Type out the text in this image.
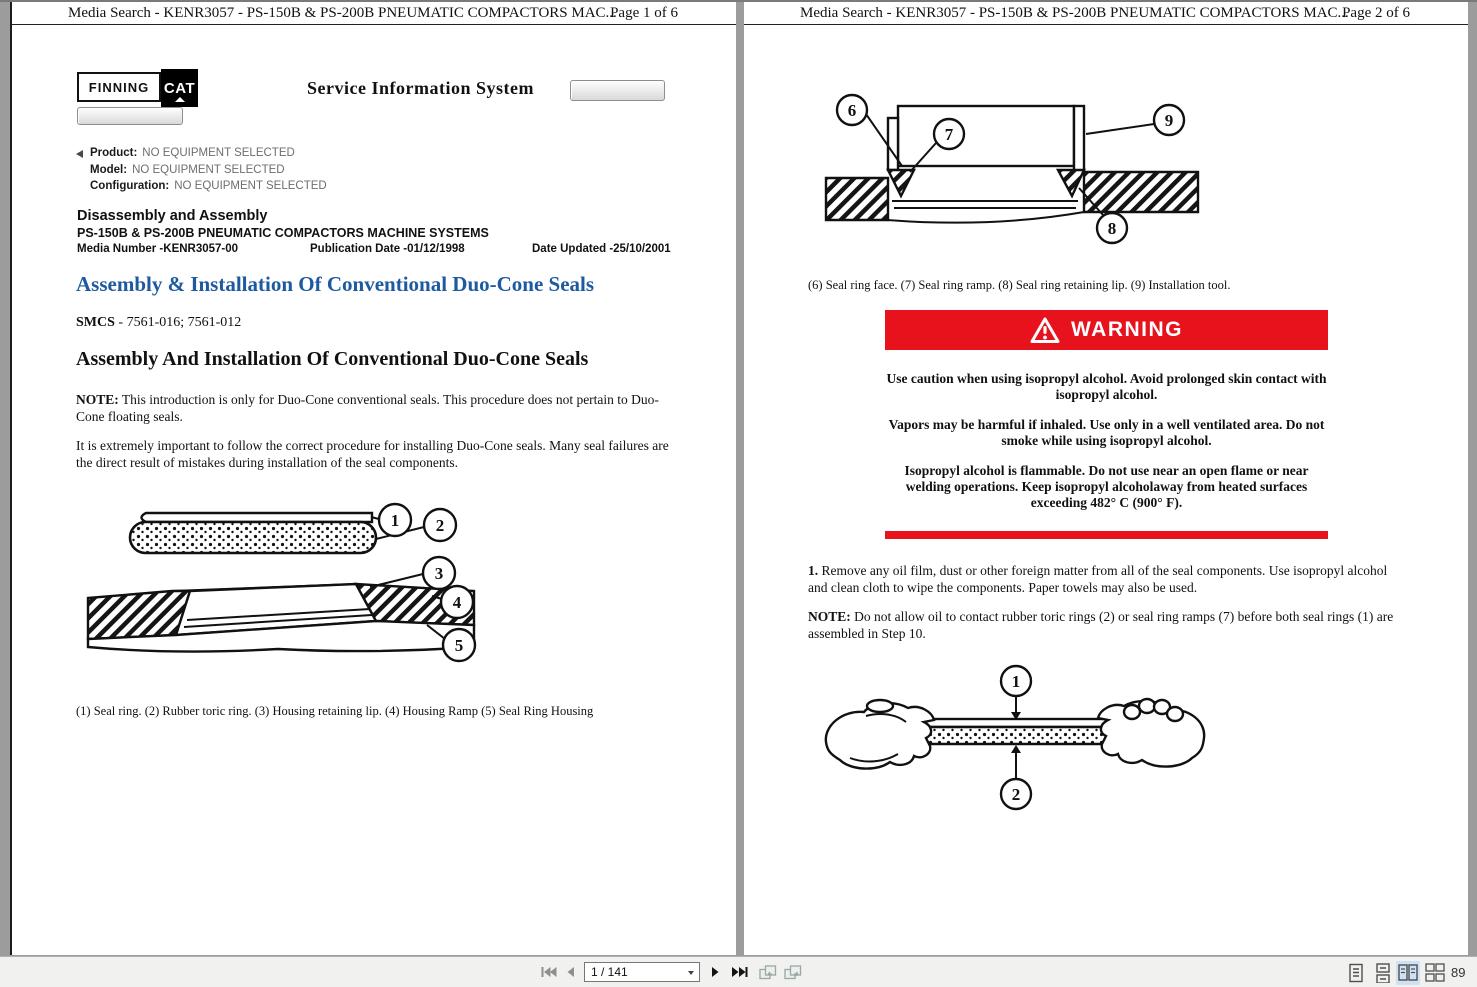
Media Search - KENR3057 - PS-150B & PS-200B PNEUMATIC COMPACTORS MAC...
Page 1 of 6
FINNING CAT	Service Information System
Product: NO EQUIPMENT SELECTED
Model: NO EQUIPMENT SELECTED
Configuration: NO EQUIPMENT SELECTED
Disassembly and Assembly
PS-150B & PS-200B PNEUMATIC COMPACTORS MACHINE SYSTEMS
Media Number -KENR3057-00	Publication Date -01/12/1998	Date Updated -25/10/2001
Assembly & Installation Of Conventional Duo-Cone Seals
SMCS - 7561-016; 7561-012
Assembly And Installation Of Conventional Duo-Cone Seals

NOTE: This introduction is only for Duo-Cone conventional seals. This procedure does not pertain to Duo-Cone floating seals.

It is extremely important to follow the correct procedure for installing Duo-Cone seals. Many seal failures are the direct result of mistakes during installation of the seal components.

1 2
3
4
5
(1) Seal ring. (2) Rubber toric ring. (3) Housing retaining lip. (4) Housing Ramp (5) Seal Ring Housing
Media Search - KENR3057 - PS-150B & PS-200B PNEUMATIC COMPACTORS MAC...
Page 2 of 6
6
7
8
9
(6) Seal ring face. (7) Seal ring ramp. (8) Seal ring retaining lip. (9) Installation tool.
WARNING

Use caution when using isopropyl alcohol. Avoid prolonged skin contact with isopropyl alcohol.

Vapors may be harmful if inhaled. Use only in a well ventilated area. Do not smoke while using isopropyl alcohol.

Isopropyl alcohol is flammable. Do not use near an open flame or near welding operations. Keep isopropyl alcoholaway from heated surfaces exceeding 482° C (900° F).

1. Remove any oil film, dust or other foreign matter from all of the seal components. Use isopropyl alcohol and clean cloth to wipe the components. Paper towels may also be used.

NOTE: Do not allow oil to contact rubber toric rings (2) or seal ring ramps (7) before both seal rings (1) are assembled in Step 10.

1
2
1 / 141	89
